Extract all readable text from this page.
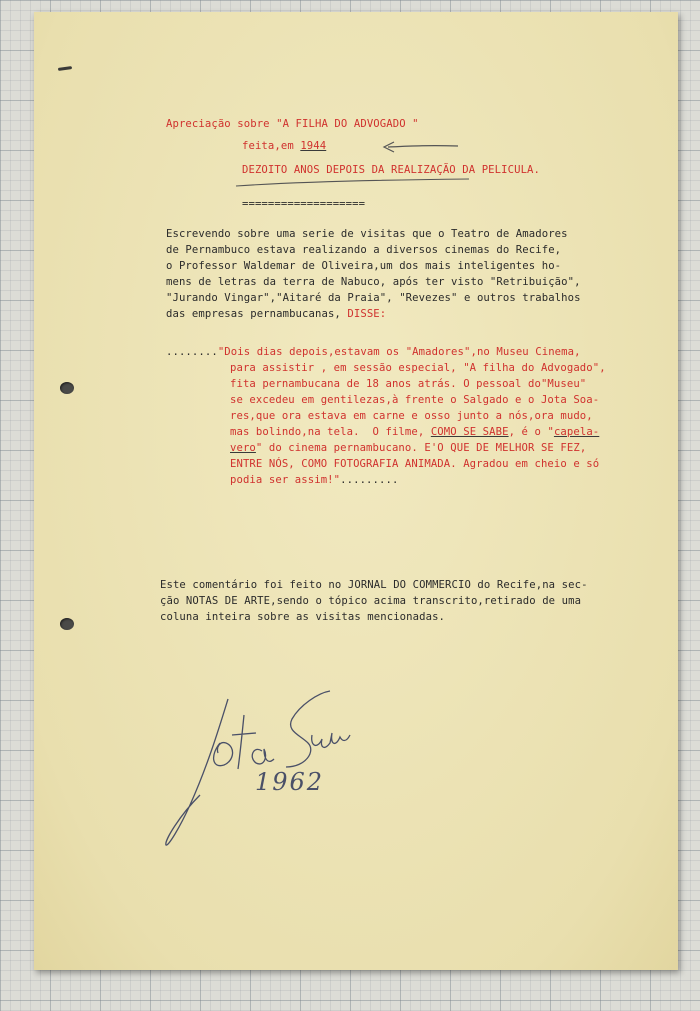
Apreciação sobre "A FILHA DO ADVOGADO "
feita,em 1944
DEZOITO ANOS DEPOIS DA REALIZAÇÃO DA PELICULA.
===================
Escrevendo sobre uma serie de visitas que o Teatro de Amadores
de Pernambuco estava realizando a diversos cinemas do Recife,
o Professor Waldemar de Oliveira,um dos mais inteligentes ho-
mens de letras da terra de Nabuco, após ter visto "Retribuição",
"Jurando Vingar","Aitaré da Praia", "Revezes" e outros trabalhos
das empresas pernambucanas, DISSE:
........"Dois dias depois,estavam os "Amadores",no Museu Cinema,
para assistir , em sessão especial, "A filha do Advogado",
fita pernambucana de 18 anos atrás. O pessoal do"Museu"
se excedeu em gentilezas,à frente o Salgado e o Jota Soa-
res,que ora estava em carne e osso junto a nós,ora mudo,
mas bolindo,na tela.  O filme, COMO SE SABE, é o "capela-
vero" do cinema pernambucano. E'O QUE DE MELHOR SE FEZ,
ENTRE NÓS, COMO FOTOGRAFIA ANIMADA. Agradou em cheio e só
podia ser assim!".........
Este comentário foi feito no JORNAL DO COMMERCIO do Recife,na sec-
ção NOTAS DE ARTE,sendo o tópico acima transcrito,retirado de uma
coluna inteira sobre as visitas mencionadas.
1962
